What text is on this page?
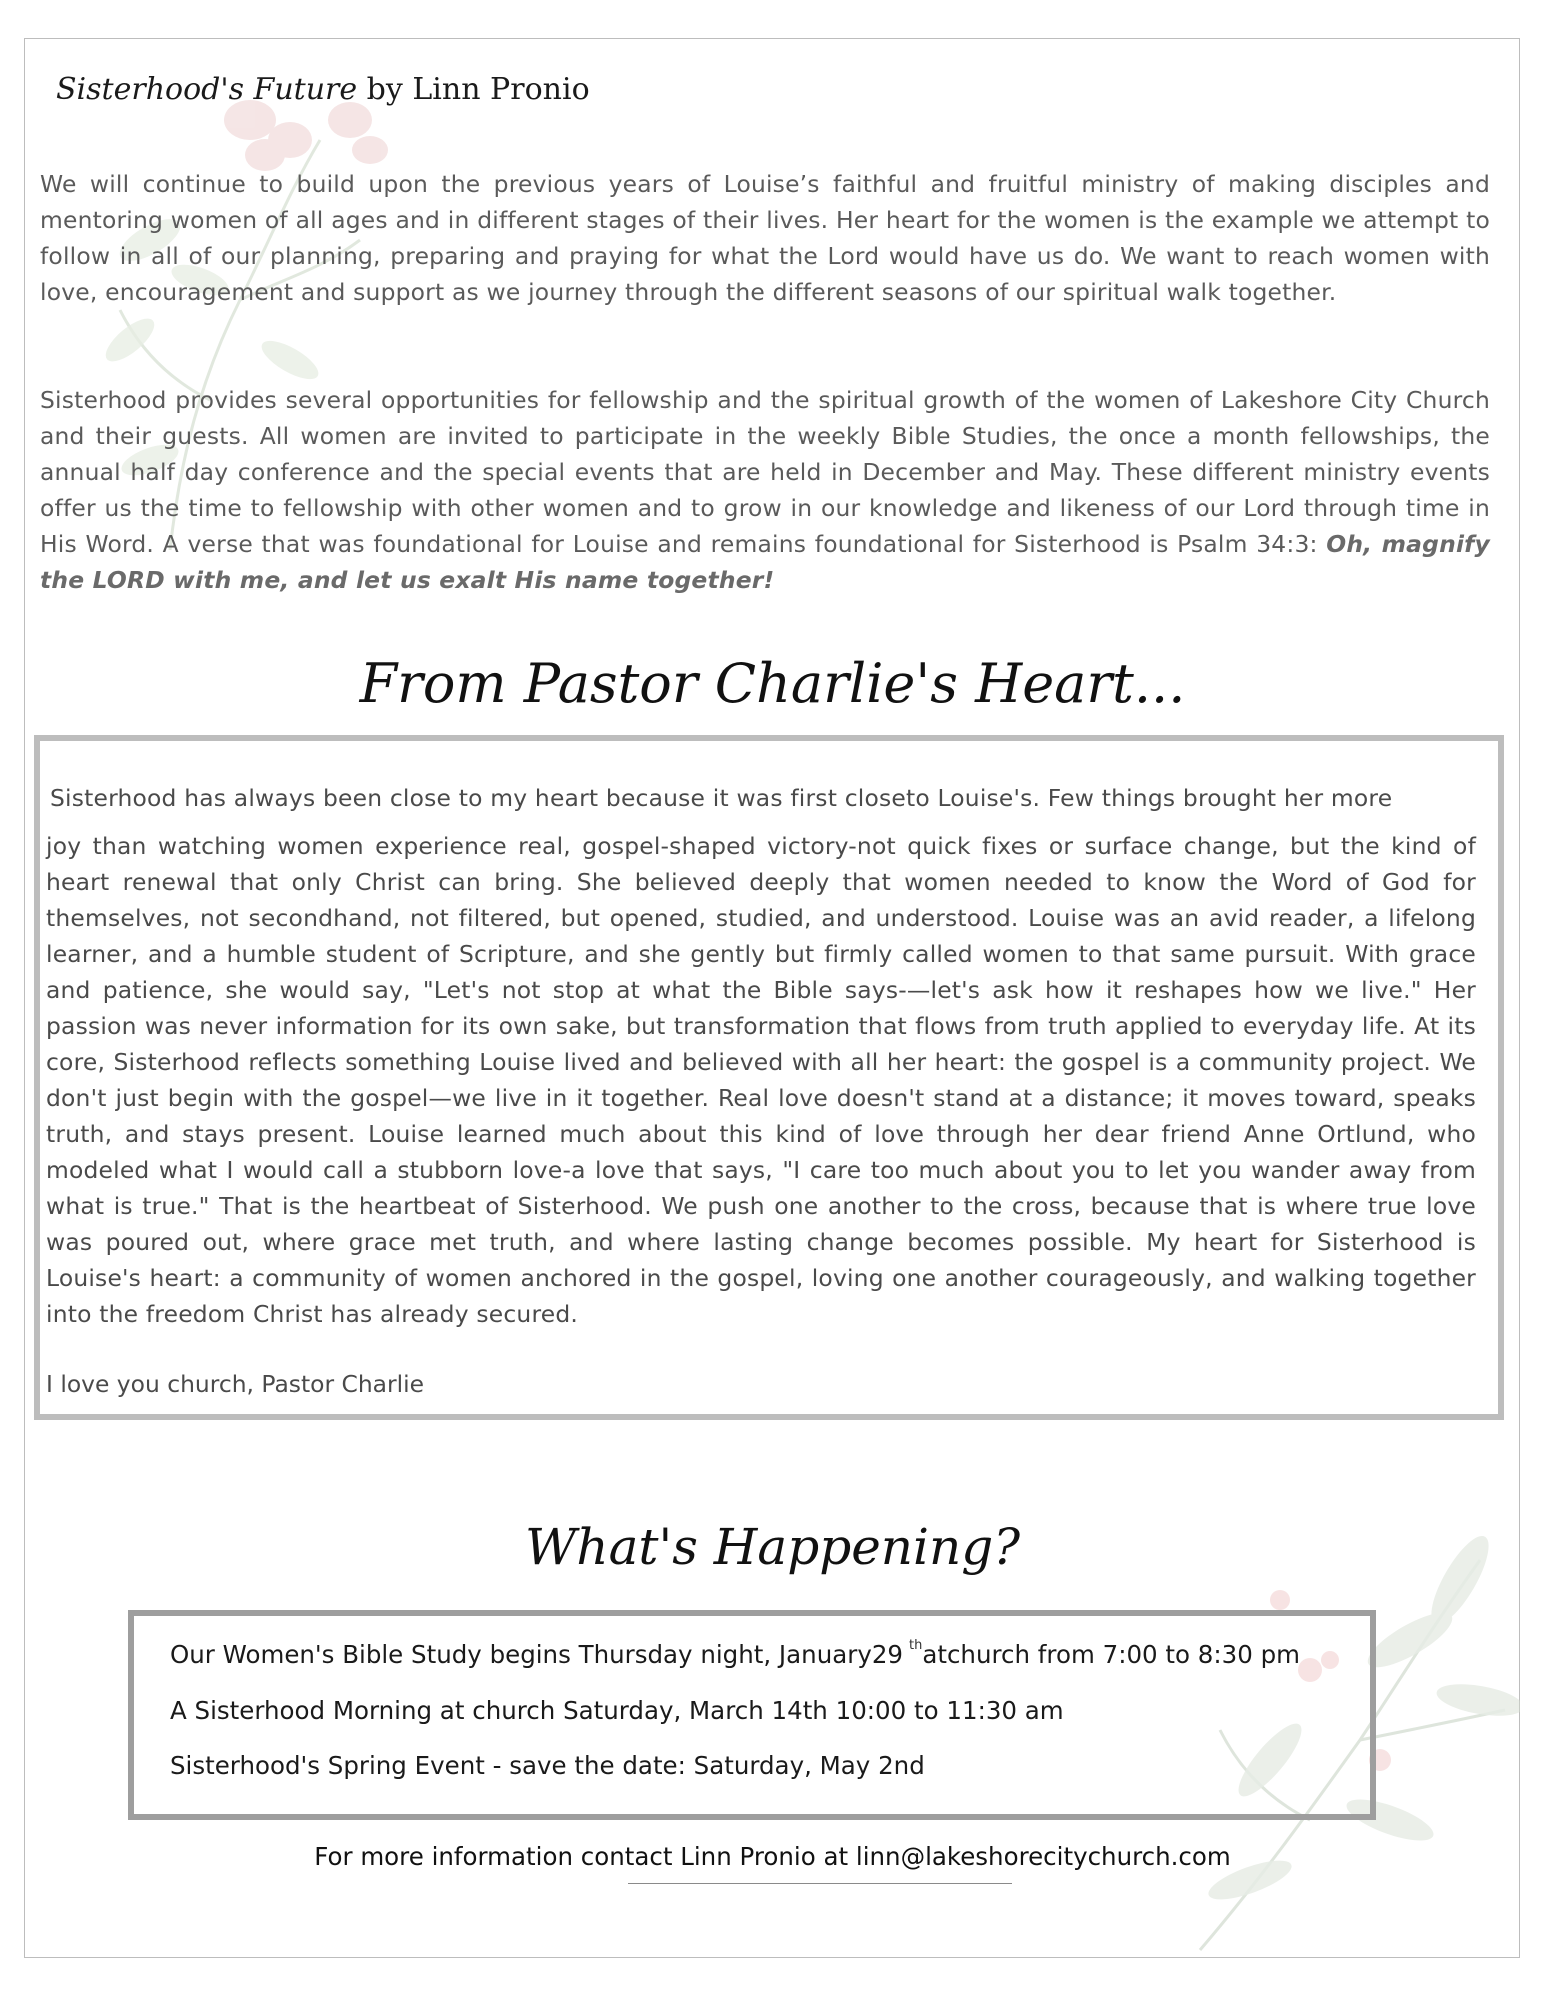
Sisterhood's Future by Linn Pronio
We will continue to build upon the previous years of Louise’s faithful and fruitful ministry of making disciples and mentoring women of all ages and in different stages of their lives. Her heart for the women is the example we attempt to follow in all of our planning, preparing and praying for what the Lord would have us do. We want to reach women with love, encouragement and support as we journey through the different seasons of our spiritual walk together.
Sisterhood provides several opportunities for fellowship and the spiritual growth of the women of Lakeshore City Church and their guests. All women are invited to participate in the weekly Bible Studies, the once a month fellowships, the annual half day conference and the special events that are held in December and May. These different ministry events offer us the time to fellowship with other women and to grow in our knowledge and likeness of our Lord through time in His Word. A verse that was foundational for Louise and remains foundational for Sisterhood is Psalm 34:3: Oh, magnify the LORD with me, and let us exalt His name together!
From Pastor Charlie's Heart...
Sisterhood has always been close to my heart because it was first closeto Louise's. Few things brought her more
joy than watching women experience real, gospel-shaped victory-not quick fixes or surface change, but the kind of heart renewal that only Christ can bring. She believed deeply that women needed to know the Word of God for themselves, not secondhand, not filtered, but opened, studied, and understood. Louise was an avid reader, a lifelong learner, and a humble student of Scripture, and she gently but firmly called women to that same pursuit. With grace and patience, she would say, "Let's not stop at what the Bible says-—let's ask how it reshapes how we live." Her passion was never information for its own sake, but transformation that flows from truth applied to everyday life. At its core, Sisterhood reflects something Louise lived and believed with all her heart: the gospel is a community project. We don't just begin with the gospel—we live in it together. Real love doesn't stand at a distance; it moves toward, speaks truth, and stays present. Louise learned much about this kind of love through her dear friend Anne Ortlund, who modeled what I would call a stubborn love-a love that says, "I care too much about you to let you wander away from what is true." That is the heartbeat of Sisterhood. We push one another to the cross, because that is where true love was poured out, where grace met truth, and where lasting change becomes possible. My heart for Sisterhood is Louise's heart: a community of women anchored in the gospel, loving one another courageously, and walking together into the freedom Christ has already secured.
I love you church, Pastor Charlie
What's Happening?
Our Women's Bible Study begins Thursday night, January29 $^{th}$atchurch from 7:00 to 8:30 pm
A Sisterhood Morning at church Saturday, March 14th 10:00 to 11:30 am
Sisterhood's Spring Event - save the date: Saturday, May 2nd
For more information contact Linn Pronio at linn@lakeshorecitychurch.com
